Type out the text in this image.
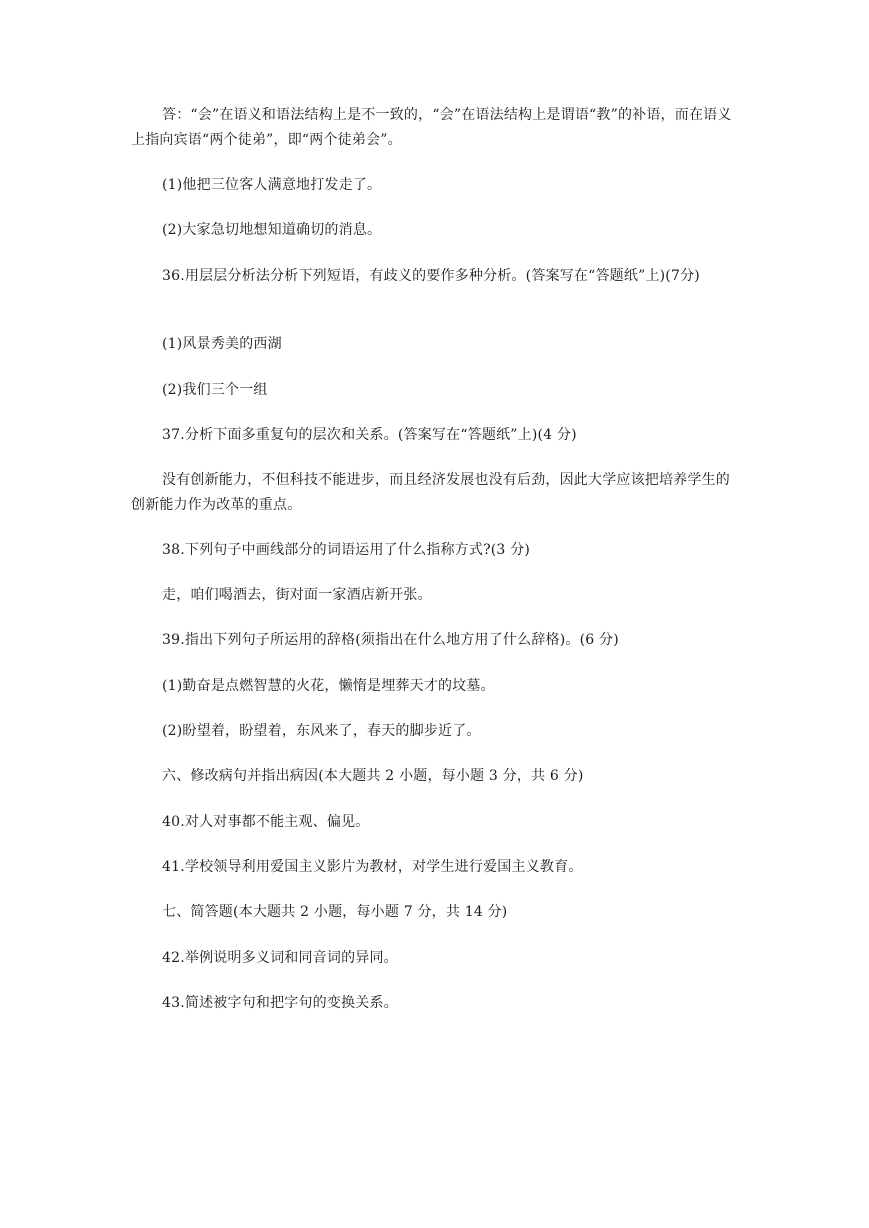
答：“会”在语义和语法结构上是不一致的，“会”在语法结构上是谓语“教”的补语，而在语义上指向宾语“两个徒弟”，即“两个徒弟会”。

(1)他把三位客人满意地打发走了。

(2)大家急切地想知道确切的消息。

36.用层层分析法分析下列短语，有歧义的要作多种分析。(答案写在“答题纸”上)(7分)

(1)风景秀美的西湖

(2)我们三个一组

37.分析下面多重复句的层次和关系。(答案写在“答题纸”上)(4 分)

没有创新能力，不但科技不能进步，而且经济发展也没有后劲，因此大学应该把培养学生的创新能力作为改革的重点。

38.下列句子中画线部分的词语运用了什么指称方式?(3 分)

走，咱们喝酒去，街对面一家酒店新开张。

39.指出下列句子所运用的辞格(须指出在什么地方用了什么辞格)。(6 分)

(1)勤奋是点燃智慧的火花，懒惰是埋葬天才的坟墓。

(2)盼望着，盼望着，东风来了，春天的脚步近了。

六、修改病句并指出病因(本大题共 2 小题，每小题 3 分，共 6 分)

40.对人对事都不能主观、偏见。

41.学校领导利用爱国主义影片为教材，对学生进行爱国主义教育。

七、简答题(本大题共 2 小题，每小题 7 分，共 14 分)

42.举例说明多义词和同音词的异同。

43.简述被字句和把字句的变换关系。
